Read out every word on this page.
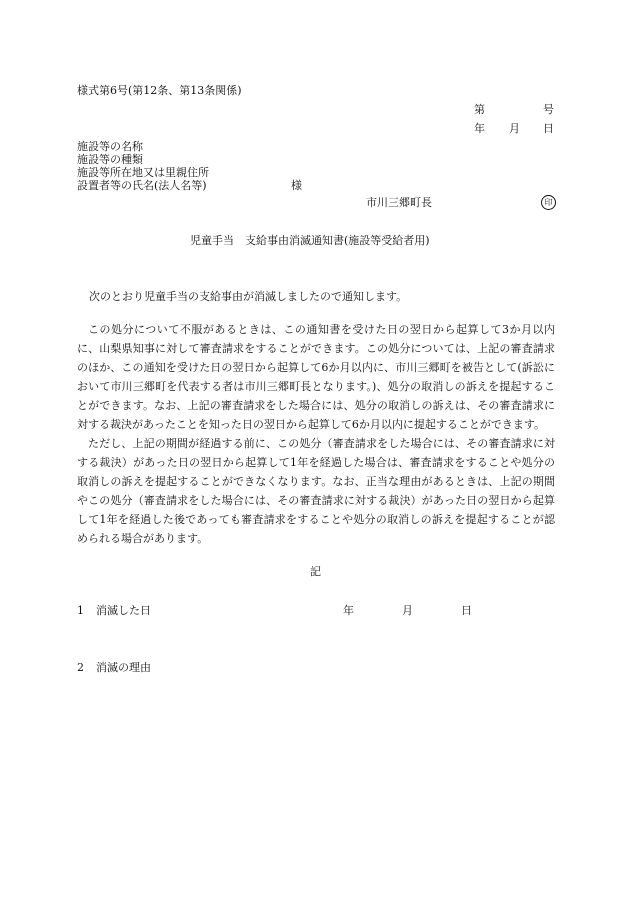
様式第6号(第12条、第13条関係)
第	号
年 月 日
施設等の名称
施設等の種類
施設等所在地又は里親住所
設置者等の氏名(法人名等)	様
市川三郷町長	印
児童手当　支給事由消滅通知書(施設等受給者用)
次のとおり児童手当の支給事由が消滅しましたので通知します。
この処分について不服があるときは、この通知書を受けた日の翌日から起算して3か月以内に、山梨県知事に対して審査請求をすることができます。この処分については、上記の審査請求のほか、この通知を受けた日の翌日から起算して6か月以内に、市川三郷町を被告として(訴訟において市川三郷町を代表する者は市川三郷町長となります。)、処分の取消しの訴えを提起することができます。なお、上記の審査請求をした場合には、処分の取消しの訴えは、その審査請求に対する裁決があったことを知った日の翌日から起算して6か月以内に提起することができます。
ただし、上記の期間が経過する前に、この処分（審査請求をした場合には、その審査請求に対する裁決）があった日の翌日から起算して1年を経過した場合は、審査請求をすることや処分の取消しの訴えを提起することができなくなります。なお、正当な理由があるときは、上記の期間やこの処分（審査請求をした場合には、その審査請求に対する裁決）があった日の翌日から起算して1年を経過した後であっても審査請求をすることや処分の取消しの訴えを提起することが認められる場合があります。
記
1 消滅した日	年	月	日
2 消滅の理由
